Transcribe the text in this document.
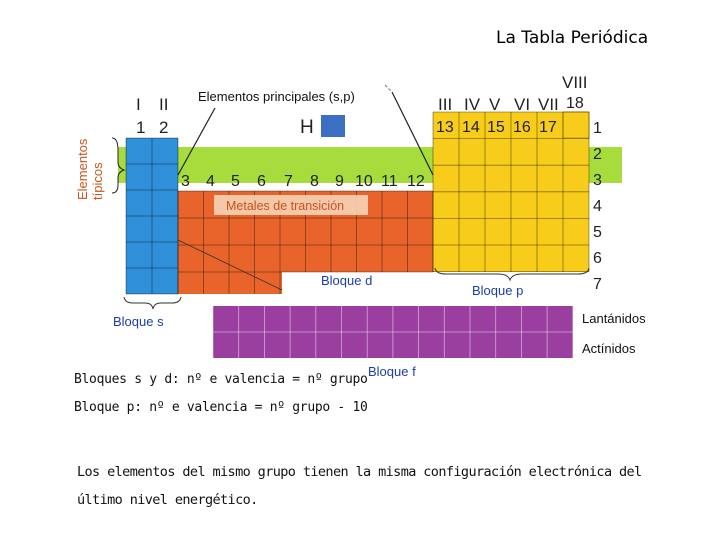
La Tabla Periódica
H
Elementos principales (s,p)
Elementos típicos
I II
1 2
3 4 5 6 7 8 9 10 11 12
III IV V VI VII
VIII
13 14 15 16 17
18
1
2
3
4
5
6
7
Metales de transición
Bloque d
Bloque p
Bloque s	Lantánidos
Actínidos
Bloque f
Bloques s y d: nº e valencia = nº grupo
Bloque p: nº e valencia = nº grupo - 10
Los elementos del mismo grupo tienen la misma configuración electrónica del último nivel energético.
